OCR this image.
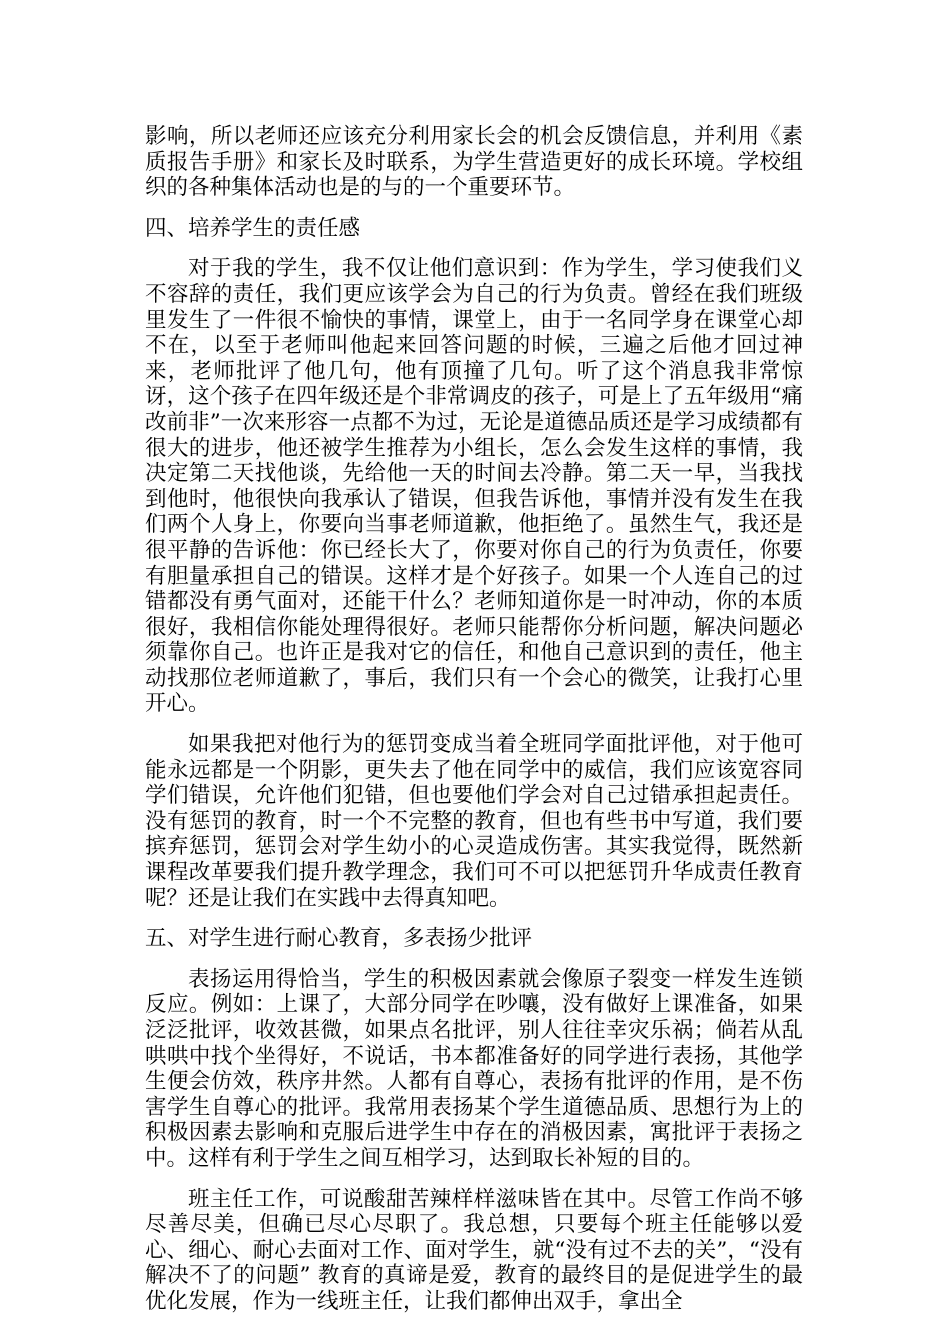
影响，所以老师还应该充分利用家长会的机会反馈信息，并利用《素质报告手册》和家长及时联系，为学生营造更好的成长环境。学校组织的各种集体活动也是的与的一个重要环节。

四、培养学生的责任感

对于我的学生，我不仅让他们意识到：作为学生，学习使我们义不容辞的责任，我们更应该学会为自己的行为负责。曾经在我们班级里发生了一件很不愉快的事情，课堂上，由于一名同学身在课堂心却不在，以至于老师叫他起来回答问题的时候，三遍之后他才回过神来，老师批评了他几句，他有顶撞了几句。听了这个消息我非常惊讶，这个孩子在四年级还是个非常调皮的孩子，可是上了五年级用“痛改前非”一次来形容一点都不为过，无论是道德品质还是学习成绩都有很大的进步，他还被学生推荐为小组长，怎么会发生这样的事情，我决定第二天找他谈，先给他一天的时间去冷静。第二天一早，当我找到他时，他很快向我承认了错误，但我告诉他，事情并没有发生在我们两个人身上，你要向当事老师道歉，他拒绝了。虽然生气，我还是很平静的告诉他：你已经长大了，你要对你自己的行为负责任，你要有胆量承担自己的错误。这样才是个好孩子。如果一个人连自己的过错都没有勇气面对，还能干什么？老师知道你是一时冲动，你的本质很好，我相信你能处理得很好。老师只能帮你分析问题，解决问题必须靠你自己。也许正是我对它的信任，和他自己意识到的责任，他主动找那位老师道歉了，事后，我们只有一个会心的微笑，让我打心里开心。

如果我把对他行为的惩罚变成当着全班同学面批评他，对于他可能永远都是一个阴影，更失去了他在同学中的威信，我们应该宽容同学们错误，允许他们犯错，但也要他们学会对自己过错承担起责任。没有惩罚的教育，时一个不完整的教育，但也有些书中写道，我们要摈弃惩罚，惩罚会对学生幼小的心灵造成伤害。其实我觉得，既然新课程改革要我们提升教学理念，我们可不可以把惩罚升华成责任教育呢？还是让我们在实践中去得真知吧。

五、对学生进行耐心教育，多表扬少批评

表扬运用得恰当，学生的积极因素就会像原子裂变一样发生连锁反应。例如：上课了，大部分同学在吵嚷，没有做好上课准备，如果泛泛批评，收效甚微，如果点名批评，别人往往幸灾乐祸；倘若从乱哄哄中找个坐得好，不说话，书本都准备好的同学进行表扬，其他学生便会仿效，秩序井然。人都有自尊心，表扬有批评的作用，是不伤害学生自尊心的批评。我常用表扬某个学生道德品质、思想行为上的积极因素去影响和克服后进学生中存在的消极因素，寓批评于表扬之中。这样有利于学生之间互相学习，达到取长补短的目的。

班主任工作，可说酸甜苦辣样样滋味皆在其中。尽管工作尚不够尽善尽美，但确已尽心尽职了。我总想，只要每个班主任能够以爱心、细心、耐心去面对工作、面对学生，就“没有过不去的关”，“没有解决不了的问题” 教育的真谛是爱，教育的最终目的是促进学生的最优化发展，作为一线班主任，让我们都伸出双手，拿出全
